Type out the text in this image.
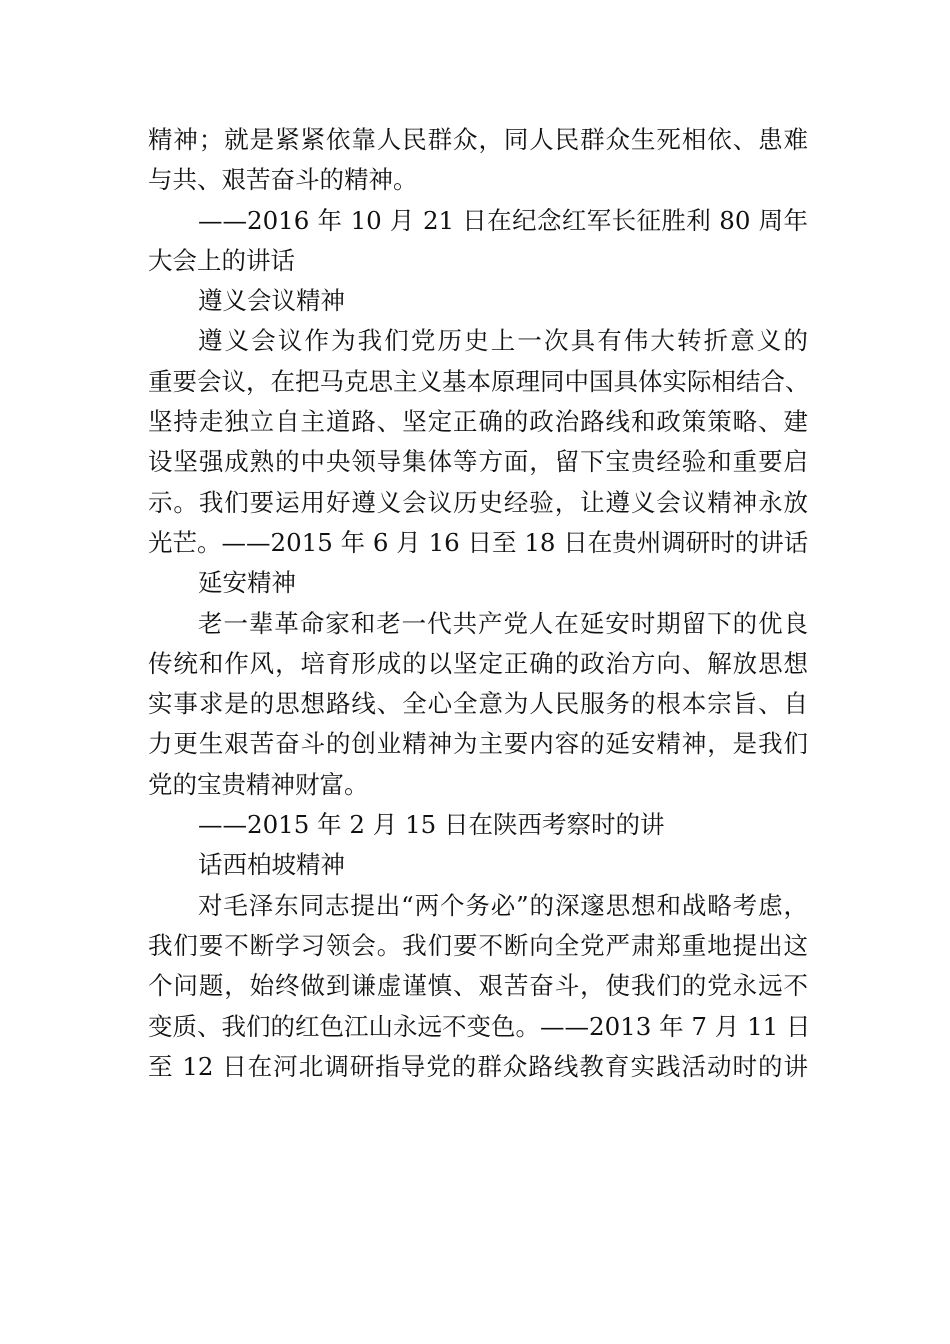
精神；就是紧紧依靠人民群众，同人民群众生死相依、患难
与共、艰苦奋斗的精神。
——2016 年 10 月 21 日在纪念红军长征胜利 80 周年
大会上的讲话
遵义会议精神
遵义会议作为我们党历史上一次具有伟大转折意义的
重要会议，在把马克思主义基本原理同中国具体实际相结合、
坚持走独立自主道路、坚定正确的政治路线和政策策略、建
设坚强成熟的中央领导集体等方面，留下宝贵经验和重要启
示。我们要运用好遵义会议历史经验，让遵义会议精神永放
光芒。——2015 年 6 月 16 日至 18 日在贵州调研时的讲话
延安精神
老一辈革命家和老一代共产党人在延安时期留下的优良
传统和作风，培育形成的以坚定正确的政治方向、解放思想
实事求是的思想路线、全心全意为人民服务的根本宗旨、自
力更生艰苦奋斗的创业精神为主要内容的延安精神，是我们
党的宝贵精神财富。
——2015 年 2 月 15 日在陕西考察时的讲
话西柏坡精神
对毛泽东同志提出“两个务必”的深邃思想和战略考虑，
我们要不断学习领会。我们要不断向全党严肃郑重地提出这
个问题，始终做到谦虚谨慎、艰苦奋斗，使我们的党永远不
变质、我们的红色江山永远不变色。——2013 年 7 月 11 日
至 12 日在河北调研指导党的群众路线教育实践活动时的讲
